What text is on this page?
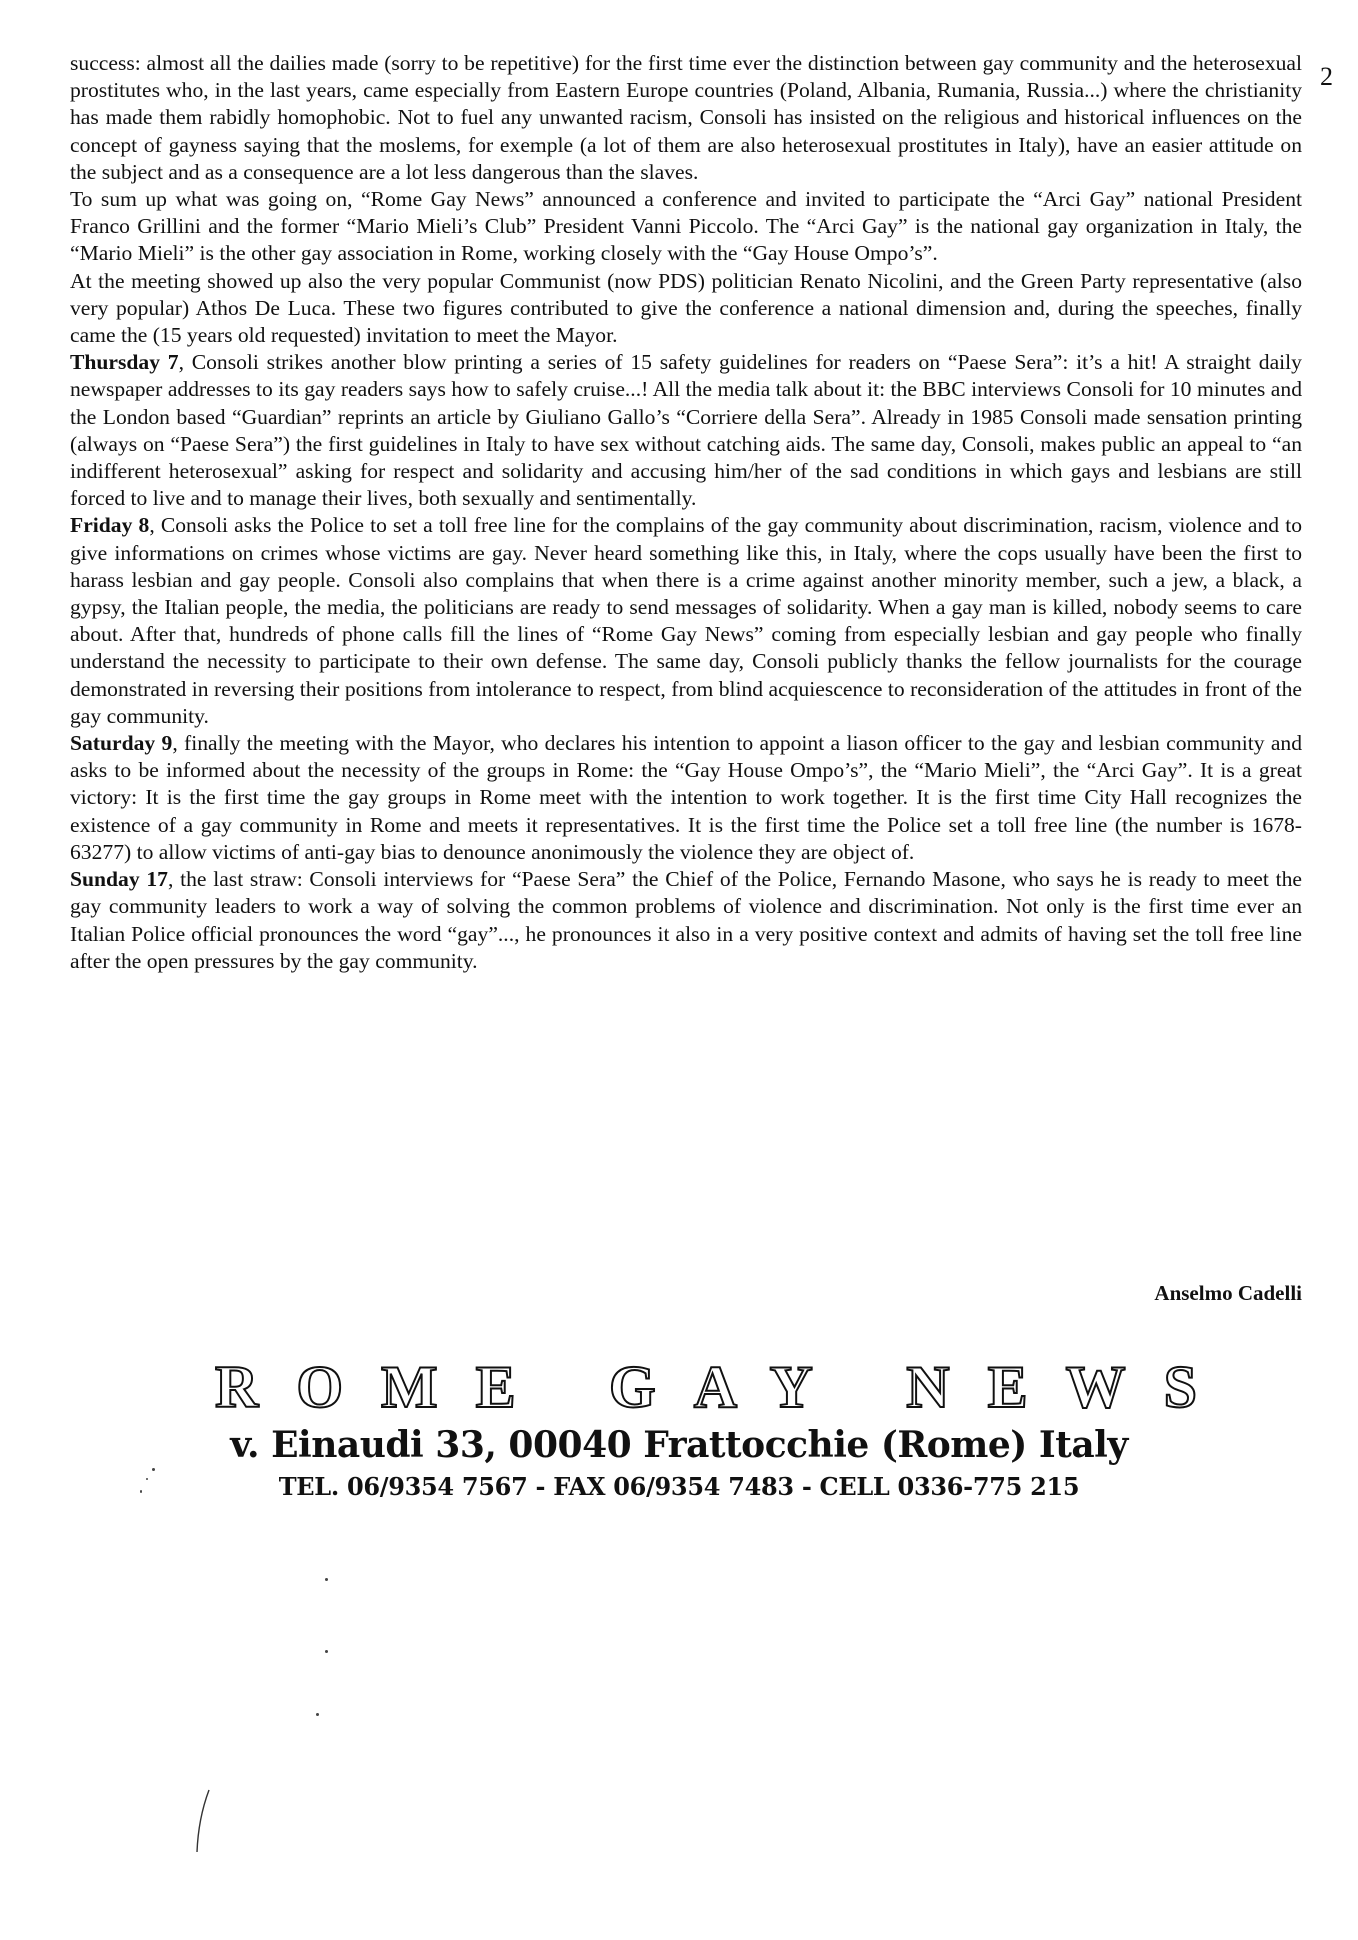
2

success: almost all the dailies made (sorry to be repetitive) for the first time ever the distinction between gay community and the heterosexual prostitutes who, in the last years, came especially from Eastern Europe countries (Poland, Albania, Rumania, Russia...) where the christianity has made them rabidly homophobic. Not to fuel any unwanted racism, Consoli has insisted on the religious and historical influences on the concept of gayness saying that the moslems, for exemple (a lot of them are also heterosexual prostitutes in Italy), have an easier attitude on the subject and as a consequence are a lot less dangerous than the slaves.

To sum up what was going on, “Rome Gay News” announced a conference and invited to participate the “Arci Gay” national President Franco Grillini and the former “Mario Mieli’s Club” President Vanni Piccolo. The “Arci Gay” is the national gay organization in Italy, the “Mario Mieli” is the other gay association in Rome, working closely with the “Gay House Ompo’s”.

At the meeting showed up also the very popular Communist (now PDS) politician Renato Nicolini, and the Green Party representative (also very popular) Athos De Luca. These two figures contributed to give the conference a national dimension and, during the speeches, finally came the (15 years old requested) invitation to meet the Mayor.

Thursday 7, Consoli strikes another blow printing a series of 15 safety guidelines for readers on “Paese Sera”: it’s a hit! A straight daily newspaper addresses to its gay readers says how to safely cruise...! All the media talk about it: the BBC interviews Consoli for 10 minutes and the London based “Guardian” reprints an article by Giuliano Gallo’s “Corriere della Sera”. Already in 1985 Consoli made sensation printing (always on “Paese Sera”) the first guidelines in Italy to have sex without catching aids. The same day, Consoli, makes public an appeal to “an indifferent heterosexual” asking for respect and solidarity and accusing him/her of the sad conditions in which gays and lesbians are still forced to live and to manage their lives, both sexually and sentimentally.

Friday 8, Consoli asks the Police to set a toll free line for the complains of the gay community about discrimination, racism, violence and to give informations on crimes whose victims are gay. Never heard something like this, in Italy, where the cops usually have been the first to harass lesbian and gay people. Consoli also complains that when there is a crime against another minority member, such a jew, a black, a gypsy, the Italian people, the media, the politicians are ready to send messages of solidarity. When a gay man is killed, nobody seems to care about. After that, hundreds of phone calls fill the lines of “Rome Gay News” coming from especially lesbian and gay people who finally understand the necessity to participate to their own defense. The same day, Consoli publicly thanks the fellow journalists for the courage demonstrated in reversing their positions from intolerance to respect, from blind acquiescence to reconsideration of the attitudes in front of the gay community.

Saturday 9, finally the meeting with the Mayor, who declares his intention to appoint a liason officer to the gay and lesbian community and asks to be informed about the necessity of the groups in Rome: the “Gay House Ompo’s”, the “Mario Mieli”, the “Arci Gay”. It is a great victory: It is the first time the gay groups in Rome meet with the intention to work together. It is the first time City Hall recognizes the existence of a gay community in Rome and meets it representatives. It is the first time the Police set a toll free line (the number is 1678-63277) to allow victims of anti-gay bias to denounce anonimously the violence they are object of.

Sunday 17, the last straw: Consoli interviews for “Paese Sera” the Chief of the Police, Fernando Masone, who says he is ready to meet the gay community leaders to work a way of solving the common problems of violence and discrimination. Not only is the first time ever an Italian Police official pronounces the word “gay”..., he pronounces it also in a very positive context and admits of having set the toll free line after the open pressures by the gay community.

Anselmo Cadelli
ROME GAY NEWS
v. Einaudi 33, 00040 Frattocchie (Rome) Italy
TEL. 06/9354 7567 - FAX 06/9354 7483 - CELL 0336-775 215
